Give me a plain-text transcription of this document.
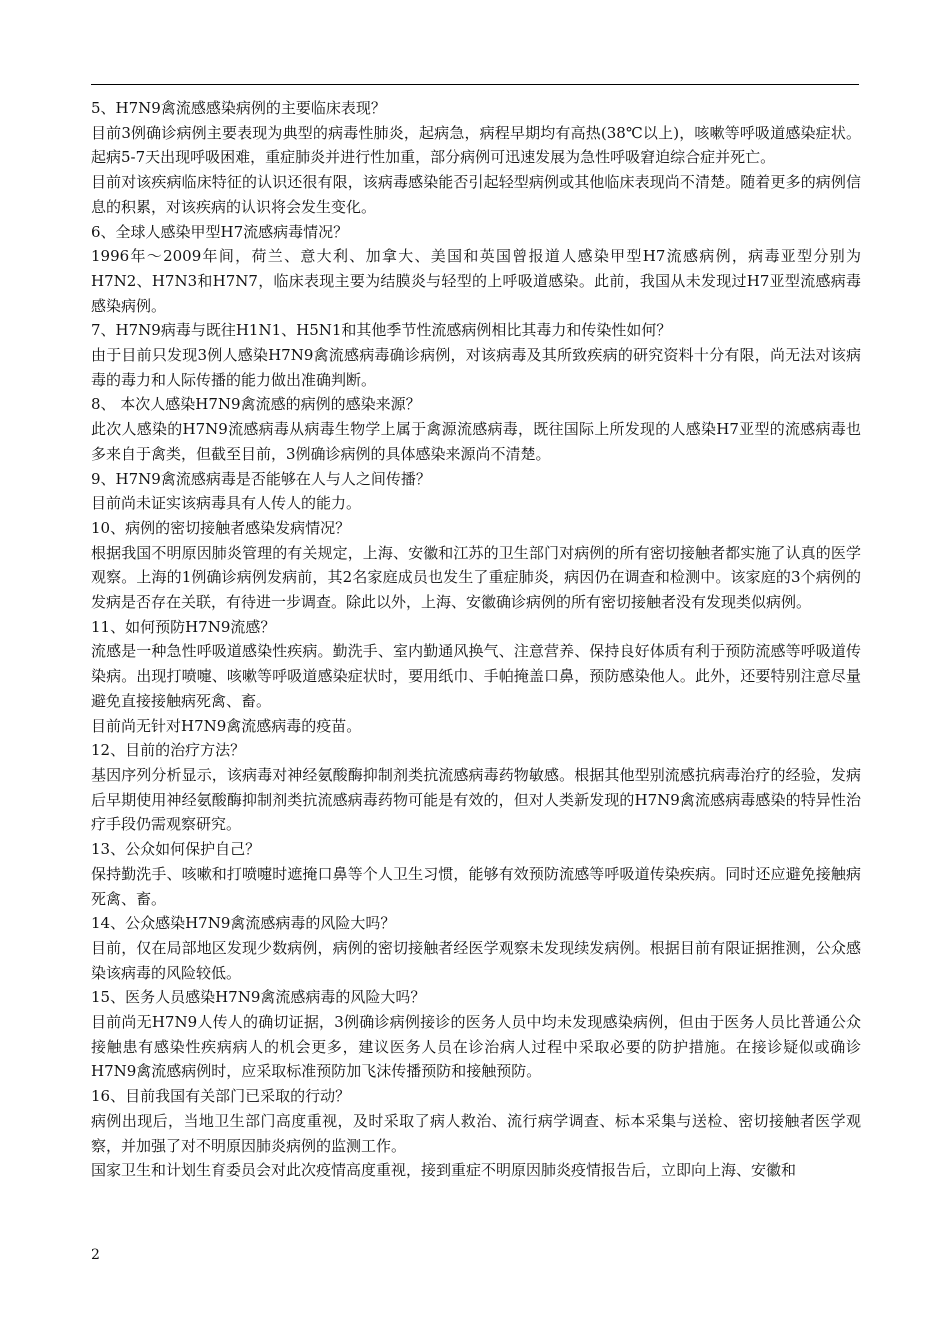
5、H7N9禽流感感染病例的主要临床表现？

目前3例确诊病例主要表现为典型的病毒性肺炎，起病急，病程早期均有高热(38℃以上)，咳嗽等呼吸道感染症状。起病5-7天出现呼吸困难，重症肺炎并进行性加重，部分病例可迅速发展为急性呼吸窘迫综合症并死亡。

目前对该疾病临床特征的认识还很有限，该病毒感染能否引起轻型病例或其他临床表现尚不清楚。随着更多的病例信息的积累，对该疾病的认识将会发生变化。

6、全球人感染甲型H7流感病毒情况？

1996年～2009年间，荷兰、意大利、加拿大、美国和英国曾报道人感染甲型H7流感病例，病毒亚型分别为H7N2、H7N3和H7N7，临床表现主要为结膜炎与轻型的上呼吸道感染。此前，我国从未发现过H7亚型流感病毒感染病例。

7、H7N9病毒与既往H1N1、H5N1和其他季节性流感病例相比其毒力和传染性如何？

由于目前只发现3例人感染H7N9禽流感病毒确诊病例，对该病毒及其所致疾病的研究资料十分有限，尚无法对该病毒的毒力和人际传播的能力做出准确判断。

8、 本次人感染H7N9禽流感的病例的感染来源？

此次人感染的H7N9流感病毒从病毒生物学上属于禽源流感病毒，既往国际上所发现的人感染H7亚型的流感病毒也多来自于禽类，但截至目前，3例确诊病例的具体感染来源尚不清楚。

9、H7N9禽流感病毒是否能够在人与人之间传播？

目前尚未证实该病毒具有人传人的能力。

10、病例的密切接触者感染发病情况？

根据我国不明原因肺炎管理的有关规定，上海、安徽和江苏的卫生部门对病例的所有密切接触者都实施了认真的医学观察。上海的1例确诊病例发病前，其2名家庭成员也发生了重症肺炎，病因仍在调查和检测中。该家庭的3个病例的发病是否存在关联，有待进一步调查。除此以外，上海、安徽确诊病例的所有密切接触者没有发现类似病例。

11、如何预防H7N9流感？

流感是一种急性呼吸道感染性疾病。勤洗手、室内勤通风换气、注意营养、保持良好体质有利于预防流感等呼吸道传染病。出现打喷嚏、咳嗽等呼吸道感染症状时，要用纸巾、手帕掩盖口鼻，预防感染他人。此外，还要特别注意尽量避免直接接触病死禽、畜。

目前尚无针对H7N9禽流感病毒的疫苗。

12、目前的治疗方法？

基因序列分析显示，该病毒对神经氨酸酶抑制剂类抗流感病毒药物敏感。根据其他型别流感抗病毒治疗的经验，发病后早期使用神经氨酸酶抑制剂类抗流感病毒药物可能是有效的，但对人类新发现的H7N9禽流感病毒感染的特异性治疗手段仍需观察研究。

13、公众如何保护自己？

保持勤洗手、咳嗽和打喷嚏时遮掩口鼻等个人卫生习惯，能够有效预防流感等呼吸道传染疾病。同时还应避免接触病死禽、畜。

14、公众感染H7N9禽流感病毒的风险大吗？

目前，仅在局部地区发现少数病例，病例的密切接触者经医学观察未发现续发病例。根据目前有限证据推测，公众感染该病毒的风险较低。

15、医务人员感染H7N9禽流感病毒的风险大吗？

目前尚无H7N9人传人的确切证据，3例确诊病例接诊的医务人员中均未发现感染病例，但由于医务人员比普通公众接触患有感染性疾病病人的机会更多，建议医务人员在诊治病人过程中采取必要的防护措施。在接诊疑似或确诊H7N9禽流感病例时，应采取标准预防加飞沫传播预防和接触预防。

16、目前我国有关部门已采取的行动？

病例出现后，当地卫生部门高度重视，及时采取了病人救治、流行病学调查、标本采集与送检、密切接触者医学观察，并加强了对不明原因肺炎病例的监测工作。

国家卫生和计划生育委员会对此次疫情高度重视，接到重症不明原因肺炎疫情报告后，立即向上海、安徽和

2
